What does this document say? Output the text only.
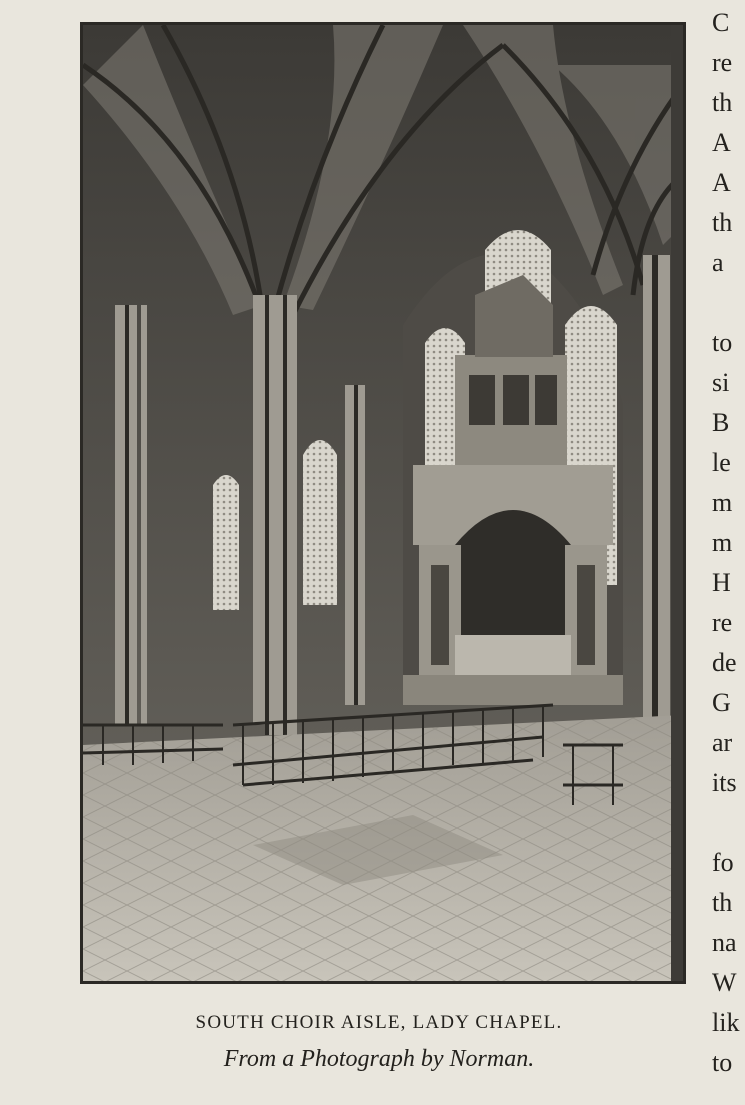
SOUTH CHOIR AISLE, LADY CHAPEL.
From a Photograph by Norman.
C
re
th
A
A
th
a
to
si
B
le
m
m
H
re
de
G
ar
its
fo
th
na
W
lik
to
